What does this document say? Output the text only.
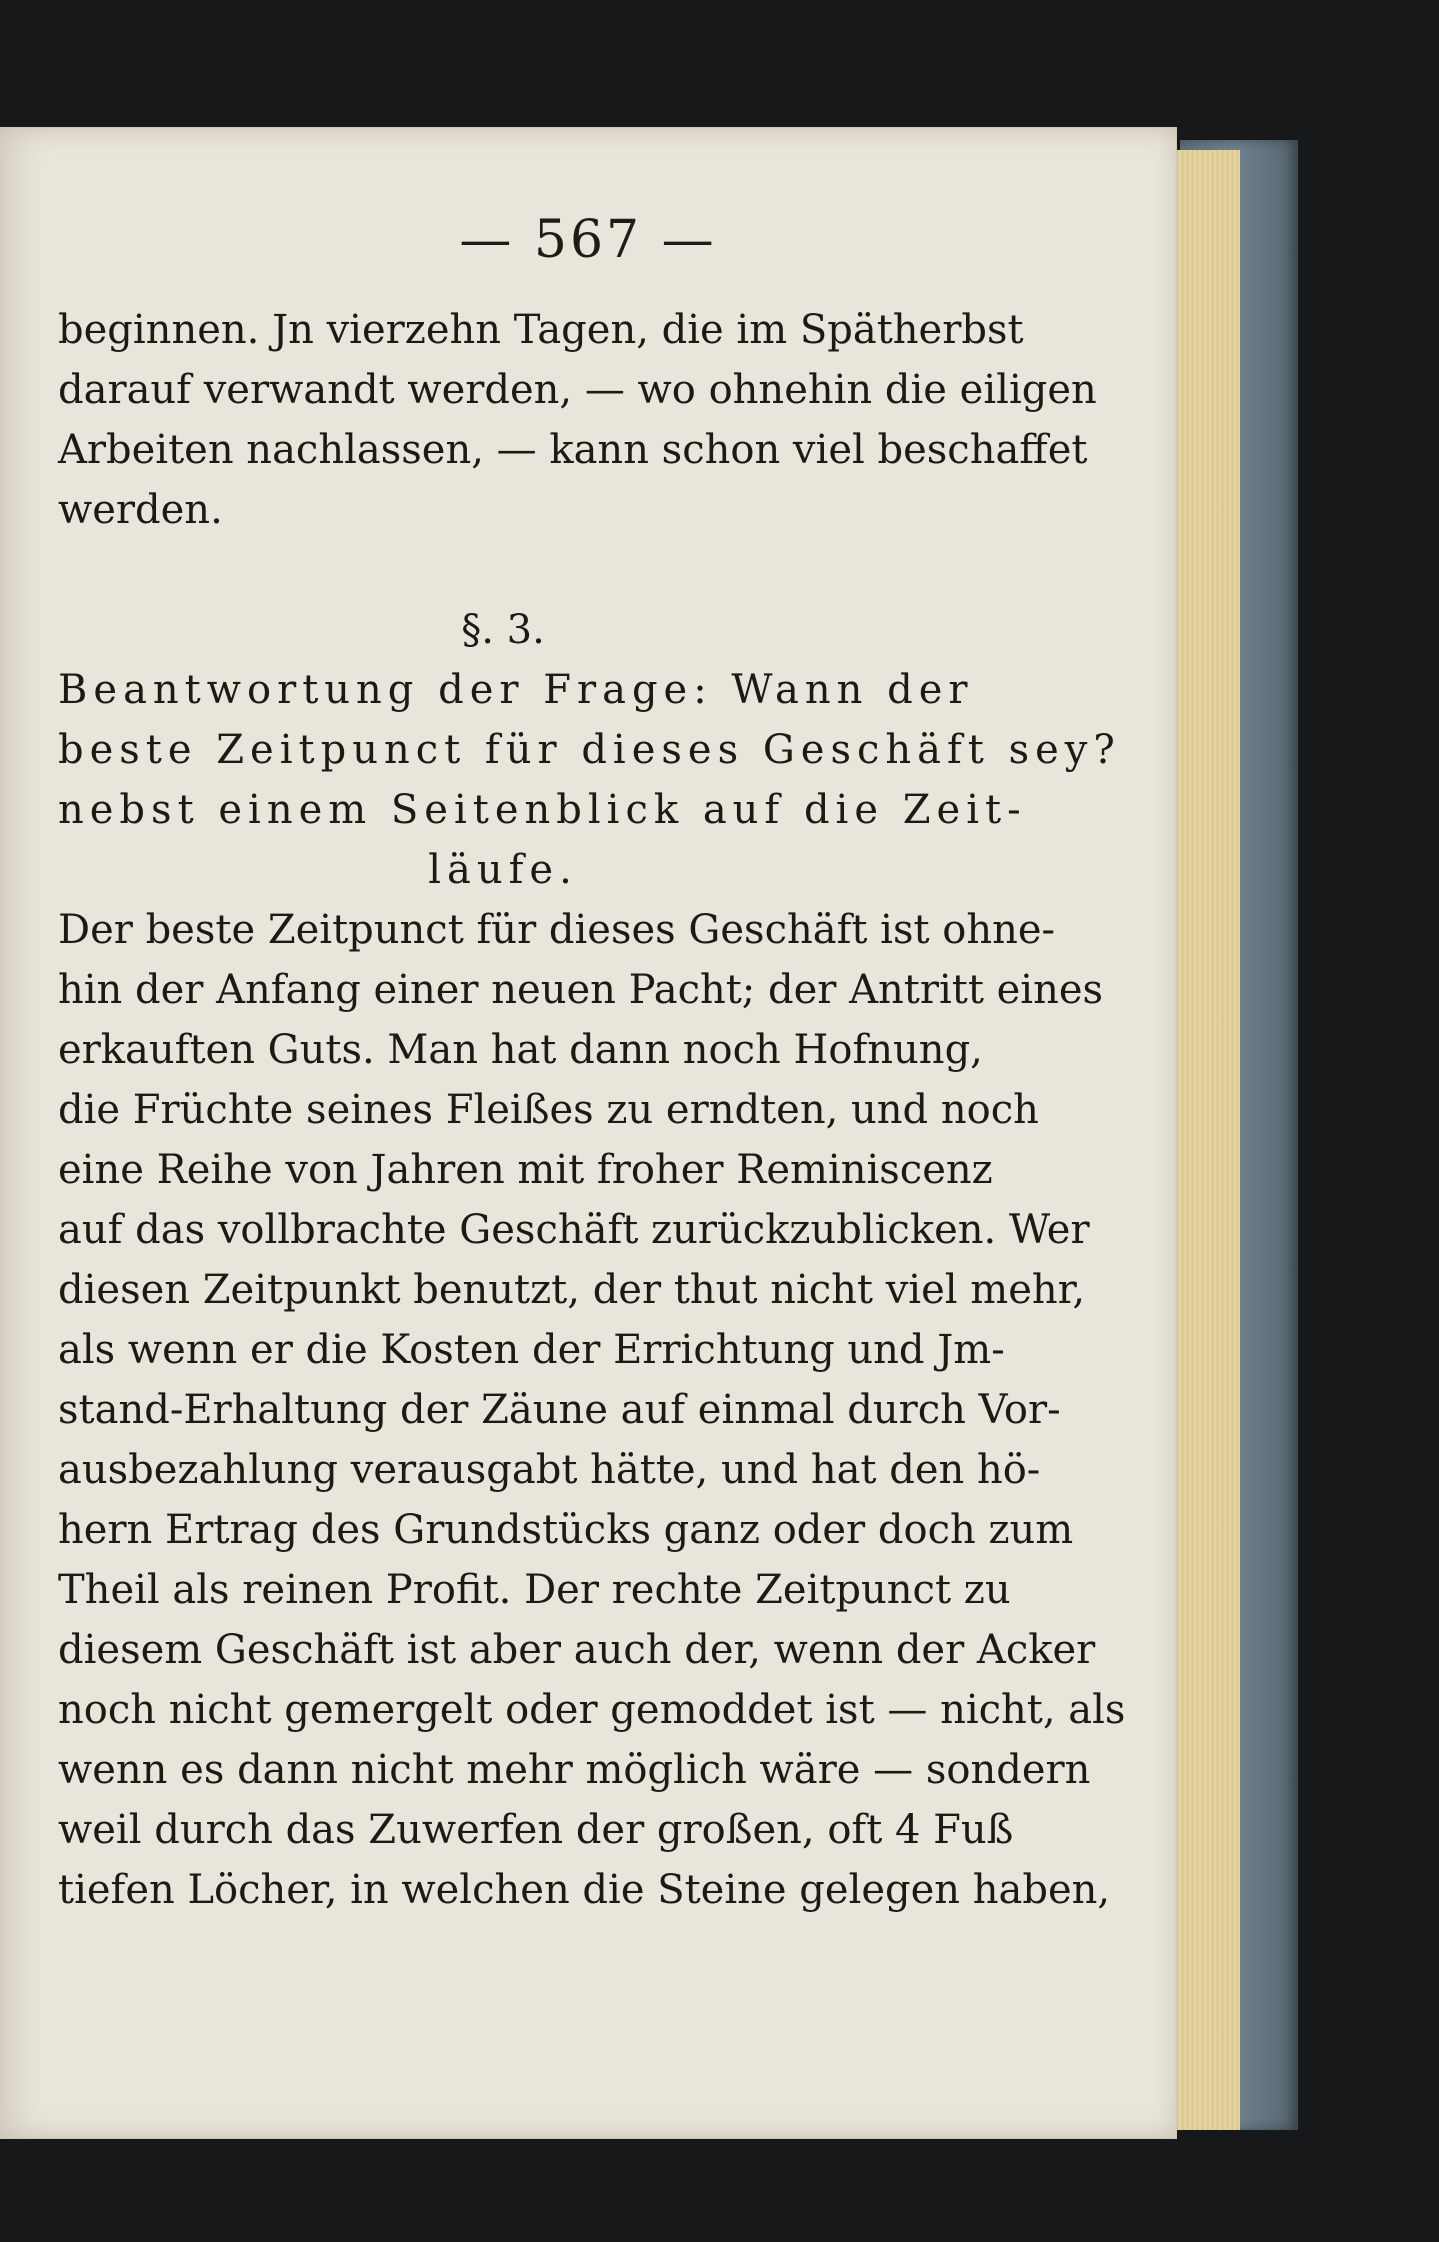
— 567 —
beginnen. Jn vierzehn Tagen, die im Spätherbst
darauf verwandt werden, — wo ohnehin die eiligen
Arbeiten nachlassen, — kann schon viel beschaffet
werden.
§. 3.
Beantwortung der Frage: Wann der
beste Zeitpunct für dieses Geschäft sey?
nebst einem Seitenblick auf die Zeit-
läufe.
Der beste Zeitpunct für dieses Geschäft ist ohne-
hin der Anfang einer neuen Pacht; der Antritt eines
erkauften Guts. Man hat dann noch Hofnung,
die Früchte seines Fleißes zu erndten, und noch
eine Reihe von Jahren mit froher Reminiscenz
auf das vollbrachte Geschäft zurückzublicken. Wer
diesen Zeitpunkt benutzt, der thut nicht viel mehr,
als wenn er die Kosten der Errichtung und Jm-
stand-Erhaltung der Zäune auf einmal durch Vor-
ausbezahlung verausgabt hätte, und hat den hö-
hern Ertrag des Grundstücks ganz oder doch zum
Theil als reinen Profit. Der rechte Zeitpunct zu
diesem Geschäft ist aber auch der, wenn der Acker
noch nicht gemergelt oder gemoddet ist — nicht, als
wenn es dann nicht mehr möglich wäre — sondern
weil durch das Zuwerfen der großen, oft 4 Fuß
tiefen Löcher, in welchen die Steine gelegen haben,
